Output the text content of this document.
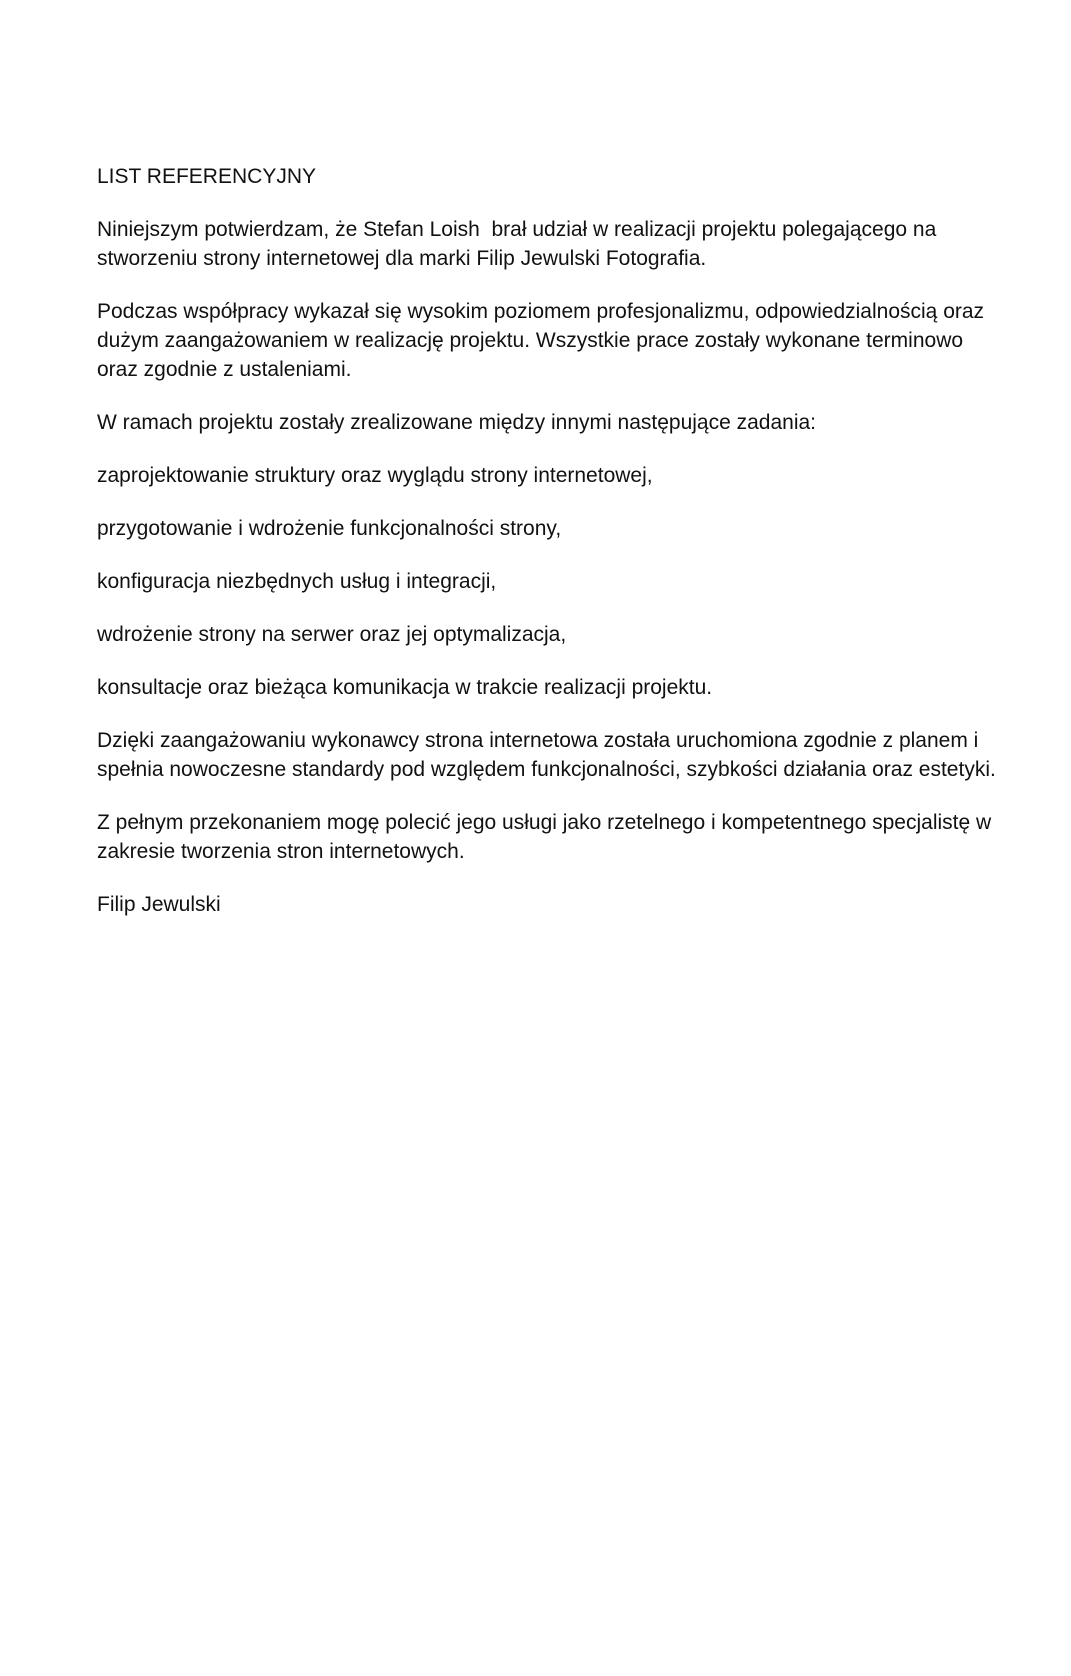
LIST REFERENCYJNY

Niniejszym potwierdzam, że Stefan Loish  brał udział w realizacji projektu polegającego na stworzeniu strony internetowej dla marki Filip Jewulski Fotografia.

Podczas współpracy wykazał się wysokim poziomem profesjonalizmu, odpowiedzialnością oraz dużym zaangażowaniem w realizację projektu. Wszystkie prace zostały wykonane terminowo oraz zgodnie z ustaleniami.

W ramach projektu zostały zrealizowane między innymi następujące zadania:

zaprojektowanie struktury oraz wyglądu strony internetowej,

przygotowanie i wdrożenie funkcjonalności strony,

konfiguracja niezbędnych usług i integracji,

wdrożenie strony na serwer oraz jej optymalizacja,

konsultacje oraz bieżąca komunikacja w trakcie realizacji projektu.

Dzięki zaangażowaniu wykonawcy strona internetowa została uruchomiona zgodnie z planem i spełnia nowoczesne standardy pod względem funkcjonalności, szybkości działania oraz estetyki.

Z pełnym przekonaniem mogę polecić jego usługi jako rzetelnego i kompetentnego specjalistę w zakresie tworzenia stron internetowych.

Filip Jewulski
